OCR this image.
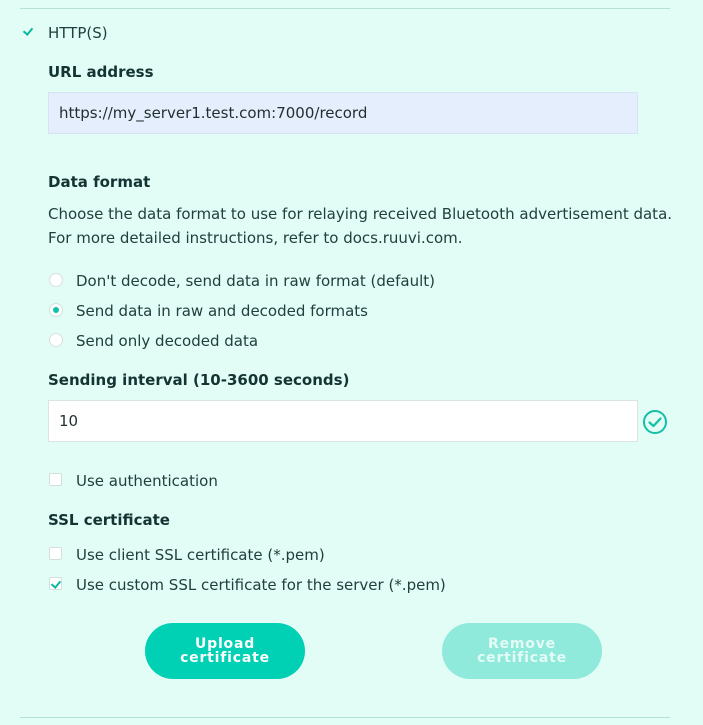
HTTP(S)
URL address
https://my_server1.test.com:7000/record
Data format
Choose the data format to use for relaying received Bluetooth advertisement data.
For more detailed instructions, refer to docs.ruuvi.com.
Don't decode, send data in raw format (default)
Send data in raw and decoded formats
Send only decoded data
Sending interval (10-3600 seconds)
10
Use authentication
SSL certificate
Use client SSL certificate (*.pem)
Use custom SSL certificate for the server (*.pem)
Upload certificate
Remove certificate
